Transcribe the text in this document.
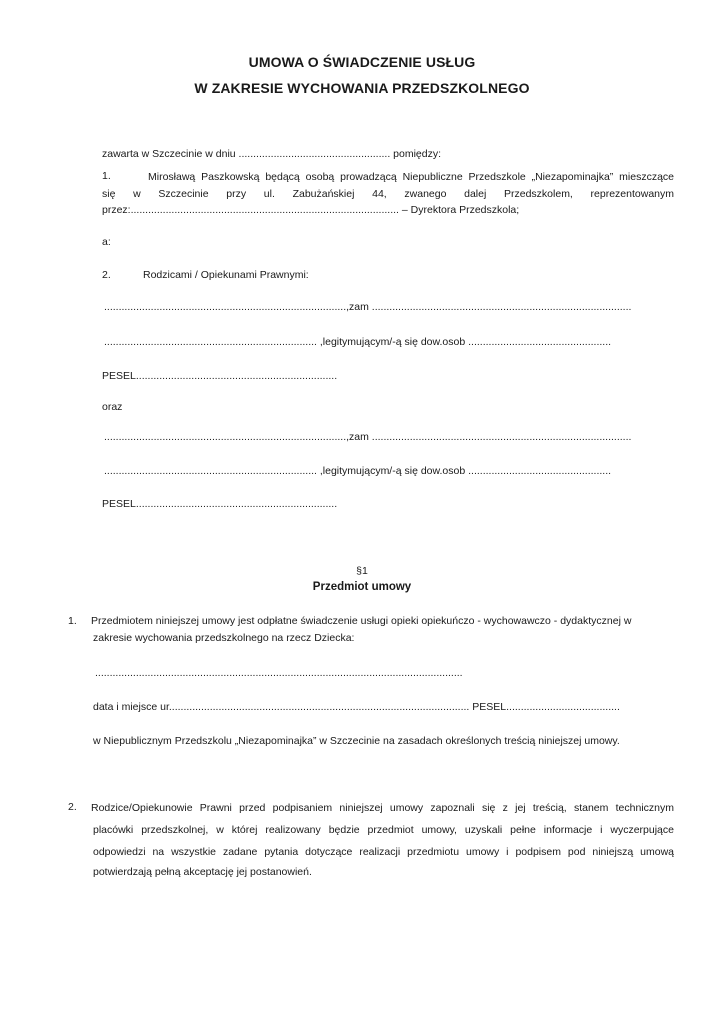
UMOWA O ŚWIADCZENIE USŁUG
W ZAKRESIE WYCHOWANIA PRZEDSZKOLNEGO
zawarta w Szczecinie w dniu .................................................... pomiędzy:
1.	Mirosławą Paszkowską będącą osobą prowadzącą Niepubliczne Przedszkole „Niezapominajka” mieszczące
się w Szczecinie przy ul. Zabużańskiej 44, zwanego dalej Przedszkolem, reprezentowanym
przez:............................................................................................ – Dyrektora Przedszkola;
a:
2.	Rodzicami / Opiekunami Prawnymi:
...................................................................................,zam .........................................................................................
......................................................................... ,legitymującym/-ą się dow.osob .................................................
PESEL.....................................................................
oraz
...................................................................................,zam .........................................................................................
......................................................................... ,legitymującym/-ą się dow.osob .................................................
PESEL.....................................................................
§1
Przedmiot umowy
1. Przedmiotem niniejszej umowy jest odpłatne świadczenie usługi opieki opiekuńczo - wychowawczo - dydaktycznej w
zakresie wychowania przedszkolnego na rzecz Dziecka:
..............................................................................................................................
data i miejsce ur....................................................................................................... PESEL.......................................
w Niepublicznym Przedszkolu „Niezapominajka” w Szczecinie na zasadach określonych treścią niniejszej umowy.
2. Rodzice/Opiekunowie Prawni przed podpisaniem niniejszej umowy zapoznali się z jej treścią, stanem technicznym
placówki przedszkolnej, w której realizowany będzie przedmiot umowy, uzyskali pełne informacje i wyczerpujące
odpowiedzi na wszystkie zadane pytania dotyczące realizacji przedmiotu umowy i podpisem pod niniejszą umową
potwierdzają pełną akceptację jej postanowień.
